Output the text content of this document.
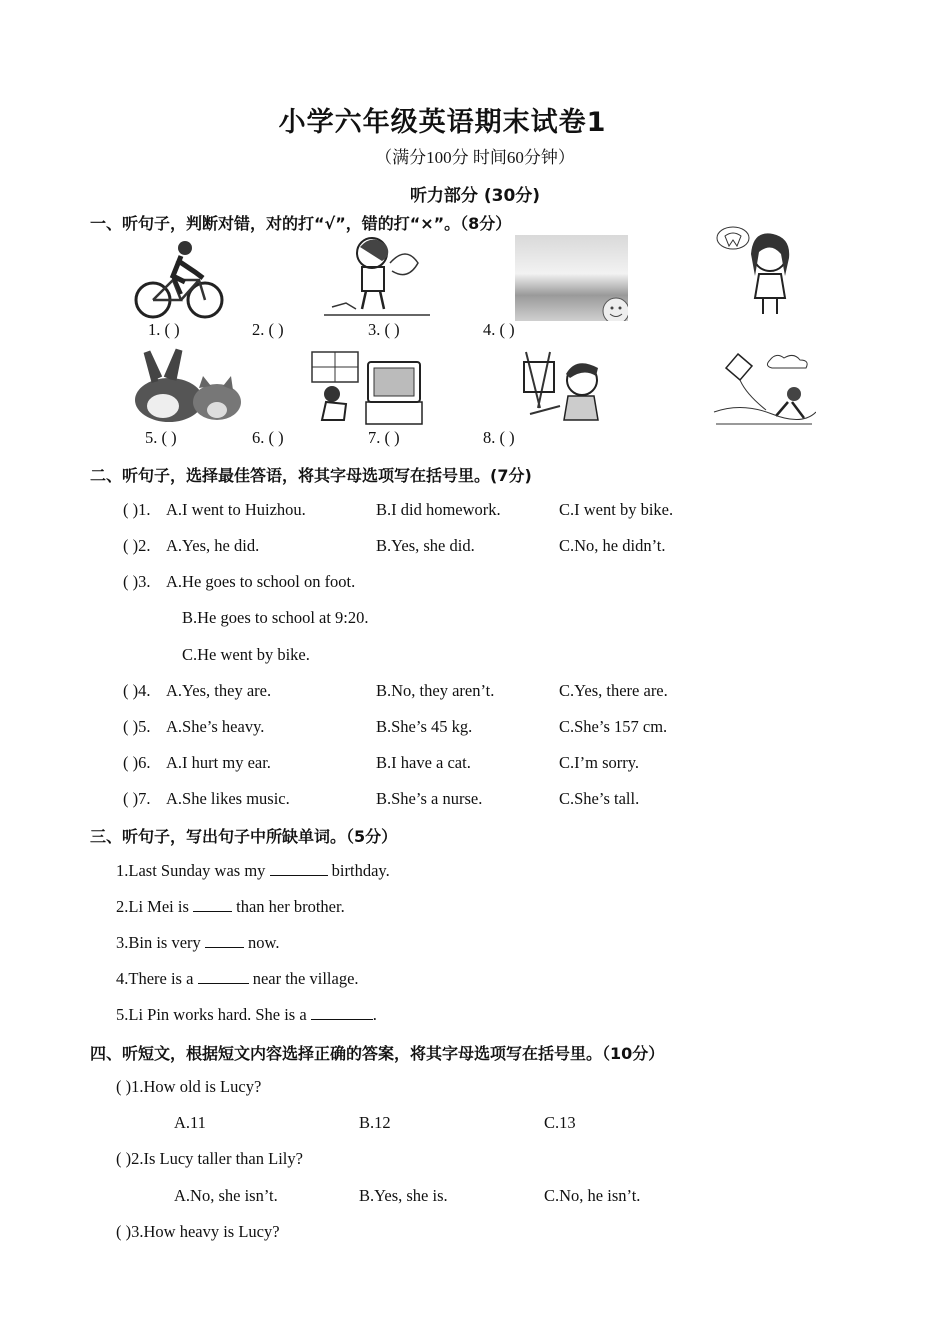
小学六年级英语期末试卷1
（满分100分 时间60分钟）
听力部分 (30分)
一、听句子，判断对错，对的打“√”，错的打“×”。（8分）
1. ( )	2. ( )	3. ( )	4. ( )
5. ( )	6. ( )	7. ( )	8. ( )
二、听句子，选择最佳答语，将其字母选项写在括号里。(7分)
( )1. A.I went to Huizhou.	B.I did homework.	C.I went by bike.
( )2. A.Yes, he did.	B.Yes, she did.	C.No, he didn’t.
( )3. A.He goes to school on foot.
B.He goes to school at 9:20.
C.He went by bike.
( )4. A.Yes, they are.	B.No, they aren’t.	C.Yes, there are.
( )5. A.She’s heavy.	B.She’s 45 kg.	C.She’s 157 cm.
( )6. A.I hurt my ear.	B.I have a cat.	C.I’m sorry.
( )7. A.She likes music.	B.She’s a nurse.	C.She’s tall.
三、听句子，写出句子中所缺单词。（5分）
1.Last Sunday was my	birthday.
2.Li Mei is  than her brother.
3.Bin is very  now.
4.There is a	near the village.
5.Li Pin works hard. She is a	.
四、听短文，根据短文内容选择正确的答案，将其字母选项写在括号里。（10分）
( )1.How old is Lucy?
A.11	B.12	C.13
( )2.Is Lucy taller than Lily?
A.No, she isn’t.	B.Yes, she is.	C.No, he isn’t.
( )3.How heavy is Lucy?
